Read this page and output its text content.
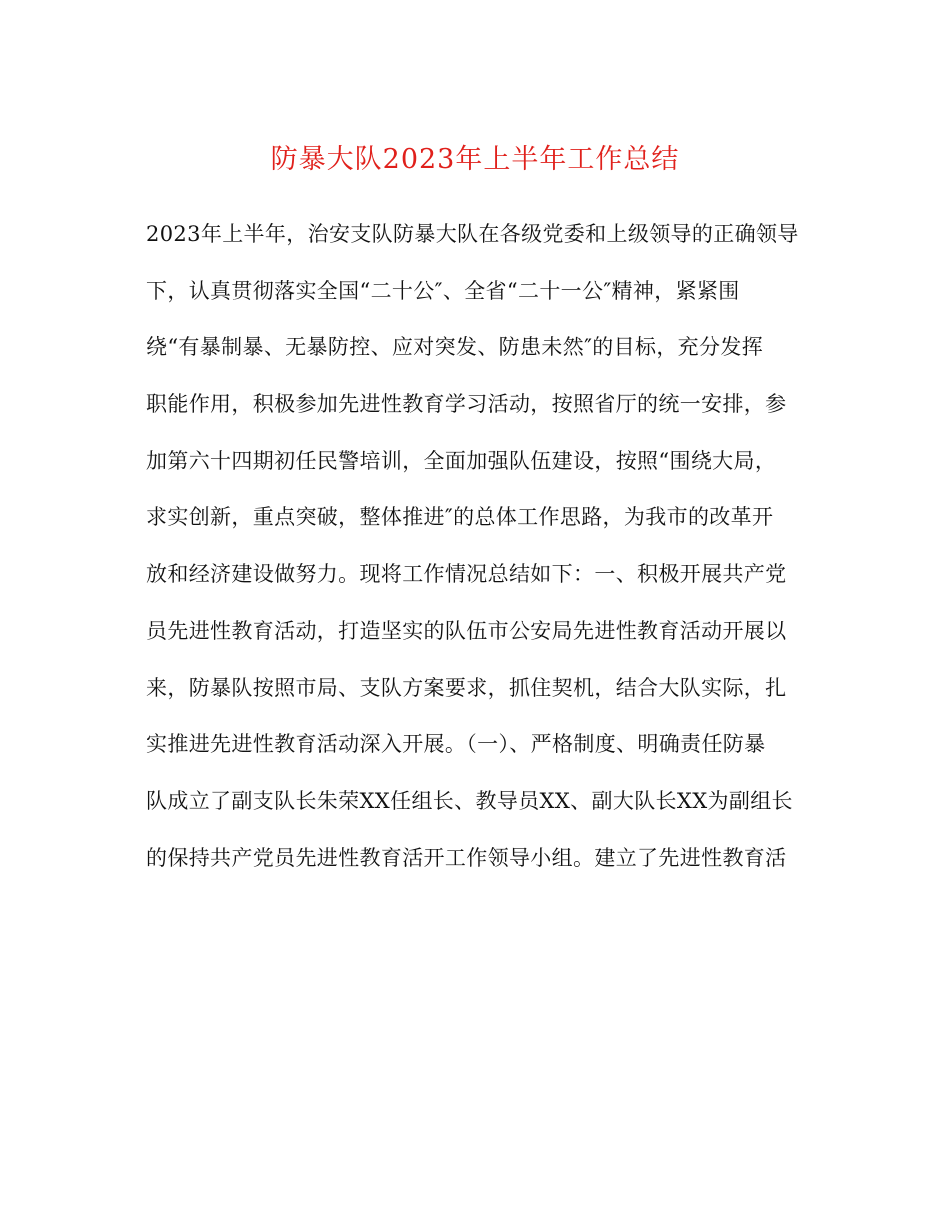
防暴大队2023年上半年工作总结
2023年上半年，治安支队防暴大队在各级党委和上级领导的正确领导
下，认真贯彻落实全国“二十公″、全省“二十一公″精神，紧紧围
绕“有暴制暴、无暴防控、应对突发、防患未然″的目标，充分发挥
职能作用，积极参加先进性教育学习活动，按照省厅的统一安排，参
加第六十四期初任民警培训，全面加强队伍建设，按照“围绕大局，
求实创新，重点突破，整体推进″的总体工作思路，为我市的改革开
放和经济建设做努力。现将工作情况总结如下：一、积极开展共产党
员先进性教育活动，打造坚实的队伍市公安局先进性教育活动开展以
来，防暴队按照市局、支队方案要求，抓住契机，结合大队实际，扎
实推进先进性教育活动深入开展。（一）、严格制度、明确责任防暴
队成立了副支队长朱荣XX任组长、教导员XX、副大队长XX为副组长
的保持共产党员先进性教育活开工作领导小组。建立了先进性教育活
